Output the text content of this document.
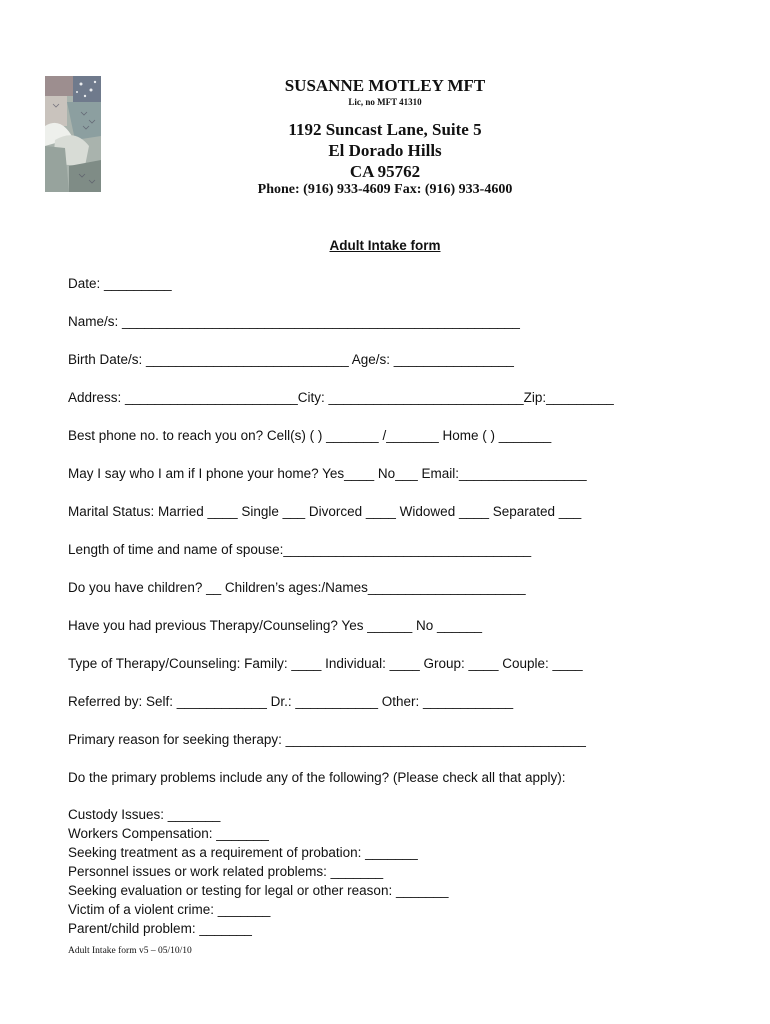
SUSANNE MOTLEY MFT
Lic, no MFT 41310
1192 Suncast Lane, Suite 5
El Dorado Hills
CA 95762
Phone: (916) 933-4609 Fax: (916) 933-4600
Adult Intake form
Date: _________
Name/s: _____________________________________________________
Birth Date/s: ___________________________ Age/s: ________________
Address: _______________________City: __________________________Zip:_________
Best phone no. to reach you on? Cell(s) ( ) _______ /_______ Home ( ) _______
May I say who I am if I phone your home? Yes____ No___ Email:_________________
Marital Status: Married ____ Single ___ Divorced ____ Widowed ____ Separated ___
Length of time and name of spouse:_________________________________
Do you have children? __ Children’s ages:/Names_____________________
Have you had previous Therapy/Counseling? Yes ______ No ______
Type of Therapy/Counseling: Family: ____ Individual: ____ Group: ____ Couple: ____
Referred by: Self: ____________ Dr.: ___________ Other: ____________
Primary reason for seeking therapy: ________________________________________
Do the primary problems include any of the following? (Please check all that apply):
Custody Issues: _______
Workers Compensation: _______
Seeking treatment as a requirement of probation: _______
Personnel issues or work related problems: _______
Seeking evaluation or testing for legal or other reason: _______
Victim of a violent crime: _______
Parent/child problem: _______
Adult Intake form v5 – 05/10/10
